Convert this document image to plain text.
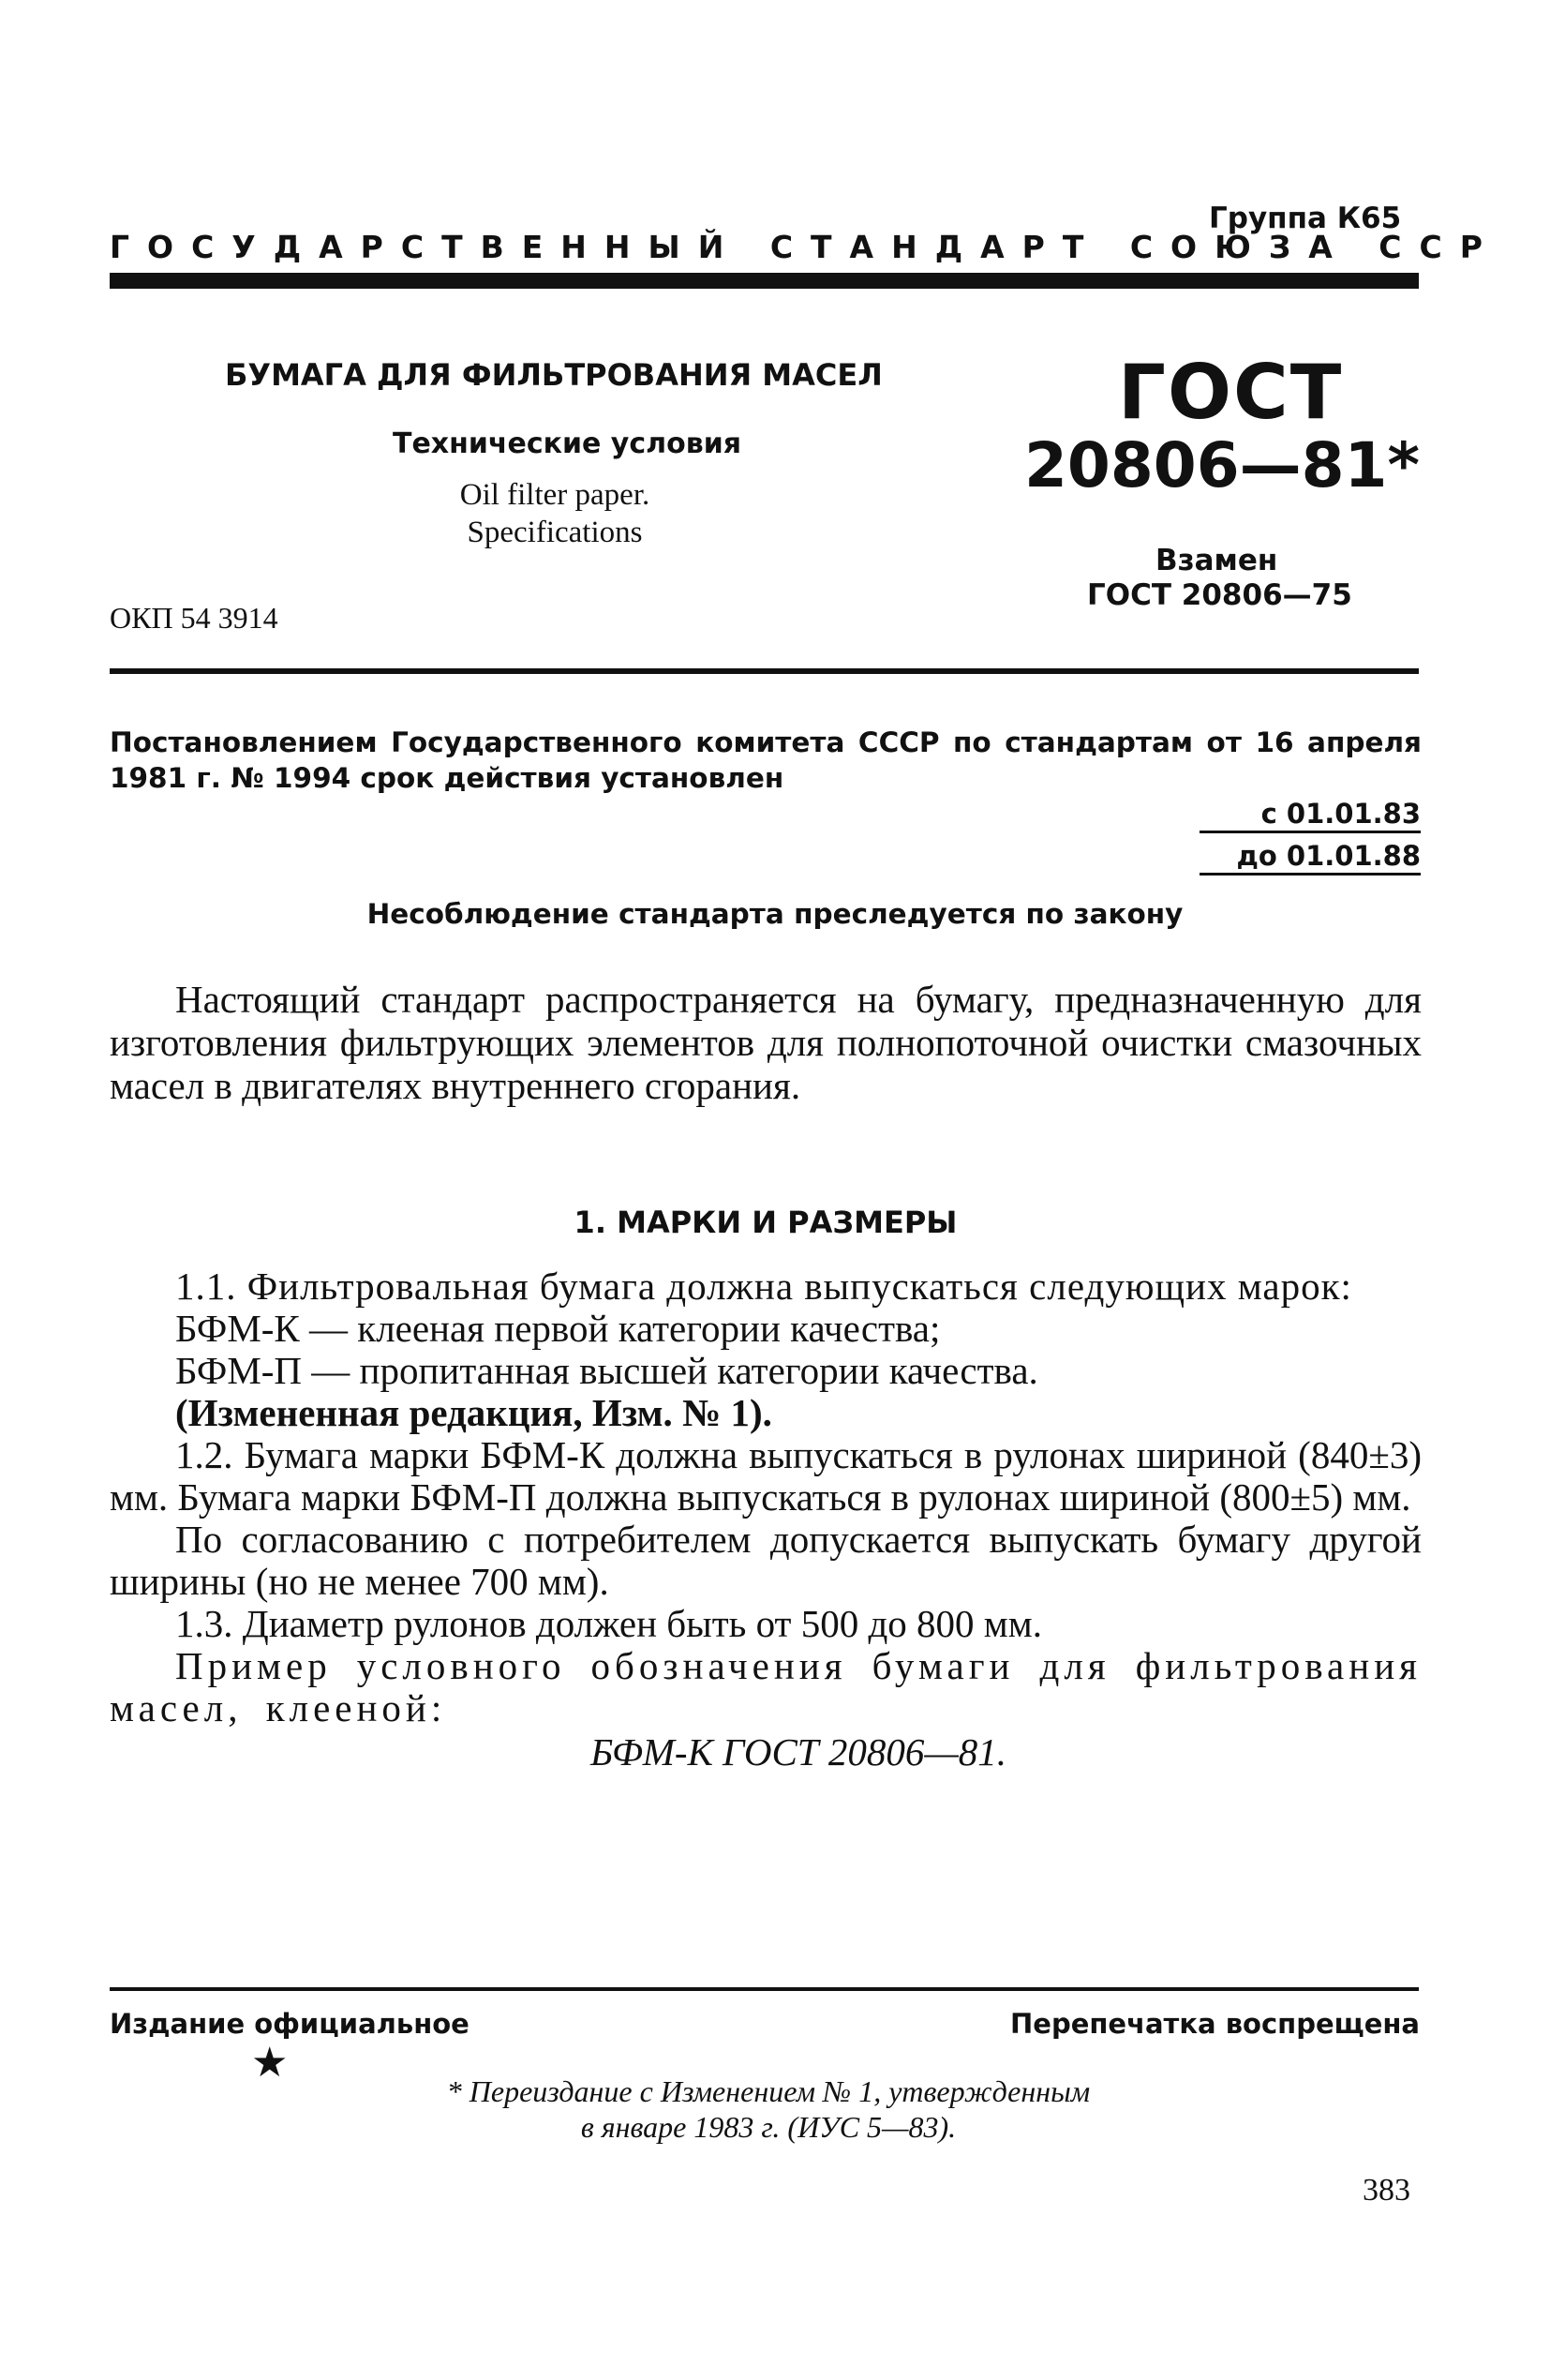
Группа К65
ГОСУДАРСТВЕННЫЙ СТАНДАРТ СОЮЗА ССР
БУМАГА ДЛЯ ФИЛЬТРОВАНИЯ МАСЕЛ
Технические условия
Oil filter paper.
Specifications
ОКП 54 3914
ГОСТ
20806—81*
Взамен
ГОСТ 20806—75
Постановлением Государственного комитета СССР по стандартам от 16 апреля 1981 г. № 1994 срок действия установлен
с 01.01.83
до 01.01.88
Несоблюдение стандарта преследуется по закону
Настоящий стандарт распространяется на бумагу, предназначенную для изготовления фильтрующих элементов для полнопоточной очистки смазочных масел в двигателях внутреннего сгорания.
1. МАРКИ И РАЗМЕРЫ

1.1. Фильтровальная бумага должна выпускаться следующих марок:

БФМ-К — клееная первой категории качества;

БФМ-П — пропитанная высшей категории качества.

(Измененная редакция, Изм. № 1).

1.2. Бумага марки БФМ-К должна выпускаться в рулонах шириной (840±3) мм. Бумага марки БФМ-П должна выпускаться в рулонах шириной (800±5) мм.

По согласованию с потребителем допускается выпускать бумагу другой ширины (но не менее 700 мм).

1.3. Диаметр рулонов должен быть от 500 до 800 мм.

Пример условного обозначения бумаги для фильтрования масел, клееной:

БФМ-К ГОСТ 20806—81.

Издание официальное	Перепечатка воспрещена
★
* Переиздание с Изменением № 1, утвержденным
в январе 1983 г. (ИУС 5—83).
383
